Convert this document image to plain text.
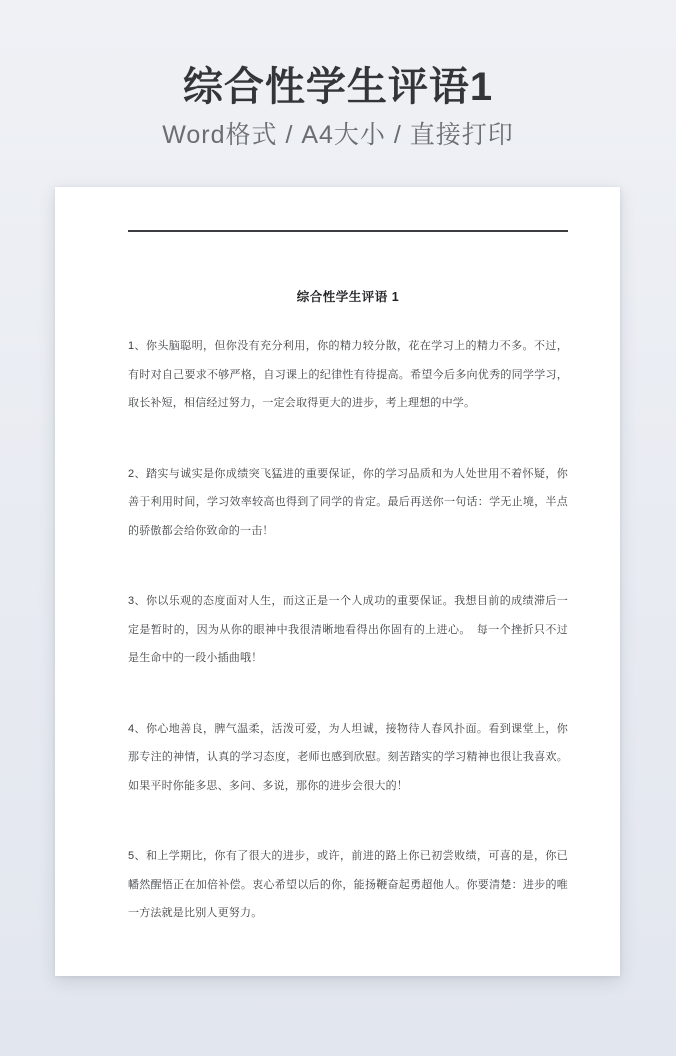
综合性学生评语1

Word格式 / A4大小 / 直接打印

综合性学生评语 1

1、你头脑聪明，但你没有充分利用，你的精力较分散，花在学习上的精力不多。不过，有时对自己要求不够严格，自习课上的纪律性有待提高。希望今后多向优秀的同学学习，取长补短，相信经过努力，一定会取得更大的进步，考上理想的中学。

2、踏实与诚实是你成绩突飞猛进的重要保证，你的学习品质和为人处世用不着怀疑，你善于利用时间，学习效率较高也得到了同学的肯定。最后再送你一句话：学无止境，半点的骄傲都会给你致命的一击！

3、你以乐观的态度面对人生，而这正是一个人成功的重要保证。我想目前的成绩滞后一定是暂时的，因为从你的眼神中我很清晰地看得出你固有的上进心。　每一个挫折只不过是生命中的一段小插曲哦！

4、你心地善良，脾气温柔，活泼可爱，为人坦诚，接物待人春风扑面。看到课堂上，你那专注的神情，认真的学习态度，老师也感到欣慰。刻苦踏实的学习精神也很让我喜欢。如果平时你能多思、多问、多说，那你的进步会很大的！

5、和上学期比，你有了很大的进步，或许，前进的路上你已初尝败绩，可喜的是，你已幡然醒悟正在加倍补偿。衷心希望以后的你，能扬鞭奋起勇超他人。你要清楚：进步的唯一方法就是比别人更努力。
